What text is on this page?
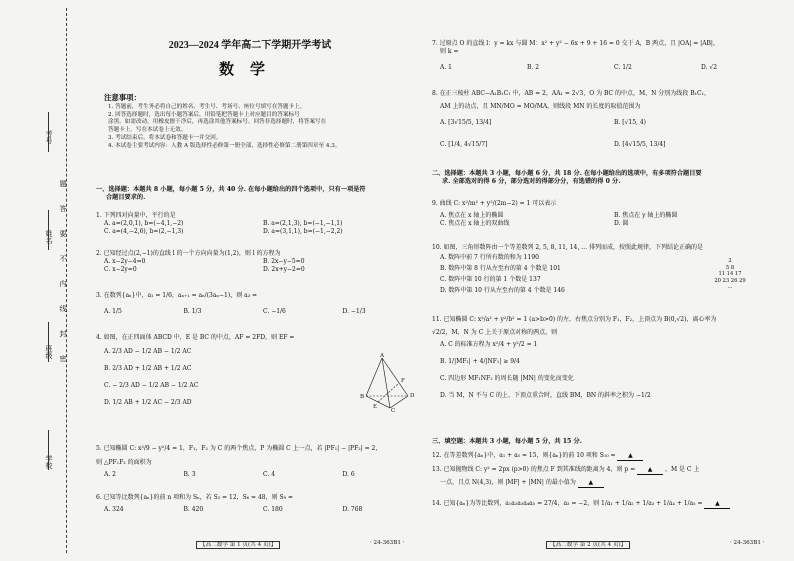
考号
姓名
班级
学校
题
答
要
不
内
线
封
密
2023—2024 学年高二下学期开学考试
数学
注意事项：
1. 答题前，考生务必将自己的姓名、考生号、考场号、座位号填写在答题卡上。
2. 回答选择题时，选出每小题答案后，用铅笔把答题卡上对应题目的答案标号
涂黑。如需改动，用橡皮擦干净后，再选涂其他答案标号。回答非选择题时，将答案写在
答题卡上。写在本试卷上无效。
3. 考试结束后，将本试卷和答题卡一并交回。
4. 本试卷主要考试内容：人教 A 版选择性必修第一册全部，选择性必修第二册第四章至 4.3。
一、选择题：本题共 8 小题，每小题 5 分，共 40 分. 在每小题给出的四个选项中，只有一项是符
合题目要求的.
1. 下列四对向量中，平行的是
A. a=(2,0,1), b=(−4,1,−2)	B. a=(2,1,3), b=(−1,−1,1)
C. a=(4,−2,6), b=(2,−1,3)	D. a=(3,1,1), b=(−1,−2,2)
2. 已知经过点(2,−1)的直线 l 的一个方向向量为(1,2)，则 l 的方程为
A. x−2y−4=0	B. 2x−y−5=0
C. x−2y=0	D. 2x+y−2=0
3. 在数列{aₙ}中，a₁ = 1/6，aₙ₊₁ = aₙ/(3aₙ−1)，则 a₃ =
A. 1/5	B. 1/3	C. −1/6	D. −1/3
4. 如图，在正四面体 ABCD 中，E 是 BC 的中点，AF = 2FD，则 EF =
A. 2/3 AD − 1/2 AB − 1/2 AC
B. 2/3 AD + 1/2 AB + 1/2 AC
C. − 2/3 AD − 1/2 AB − 1/2 AC
D. 1/2 AB + 1/2 AC − 2/3 AD
A
F
D
B
E
C
5. 已知椭圆 C: x²/9 − y²/4 = 1，F₁，F₂ 为 C 的两个焦点，P 为椭圆 C 上一点，若 |PF₁| − |PF₂| = 2，
则 △PF₁F₂ 的面积为
A. 2	B. 3	C. 4	D. 6
6. 已知等比数列{aₙ}的前 n 项和为 Sₙ，若 S₃ = 12，S₆ = 48，则 S₉ =
A. 324	B. 420	C. 180	D. 768
【高二数学 第 1 页(共 4 页)】	· 24-363B1 ·
7. 过原点 O 的直线 l：y = kx 与圆 M：x² + y² − 6x + 9 + 16 = 0 交于 A，B 两点，且 |OA| = |AB|，
则 k =
A. 1	B. 2	C. 1/2	D. √2
8. 在正三棱柱 ABC−A₁B₁C₁ 中，AB = 2，AA₁ = 2√3，O 为 BC 的中点，M，N 分别为线段 B₁C₁，
AM 上的动点，且 MN/MO = MO/MA，则线段 MN 的长度的取值范围为
A. [3√15/5, 13/4]	B. [√15, 4)
C. [1/4, 4√15/7]	D. [4√15/5, 13/4]
二、选择题：本题共 3 小题，每小题 6 分，共 18 分. 在每小题给出的选项中，有多项符合题目要
求. 全部选对的得 6 分，部分选对的得部分分，有选错的得 0 分.
9. 曲线 C: x²/m² + y²/(2m−2) = 1 可以表示
A. 焦点在 x 轴上的椭圆	B. 焦点在 y 轴上的椭圆
C. 焦点在 x 轴上的双曲线	D. 圆
10. 如图，三角形数阵由一个等差数列 2, 5, 8, 11, 14, … 排列而成，按照此规律，下列结论正确的是
A. 数阵中前 7 行所有数的和为 1190
B. 数阵中第 8 行从左至右的第 4 个数是 101
C. 数阵中第 10 行的第 1 个数是 137
D. 数阵中第 10 行从左至右的第 4 个数是 146
2
5 8
11 14 17
20 23 26 29
…
11. 已知椭圆 C: x²/a² + y²/b² = 1 (a>b>0) 的左、右焦点分别为 F₁，F₂，上顶点为 B(0,√2)，离心率为
√2/2，M，N 为 C 上关于原点对称的两点，则
A. C 的标准方程为 x²/4 + y²/2 = 1
B. 1/|MF₁| + 4/|NF₁| ≥ 9/4
C. 四边形 MF₁NF₂ 的周长随 |MN| 的变化而变化
D. 当 M，N 不与 C 的上、下顶点重合时，直线 BM，BN 的斜率之积为 −1/2
三、填空题：本题共 3 小题，每小题 5 分，共 15 分.
12. 在等差数列{aₙ}中，a₁ + a₅ = 15，则{aₙ}的前 10 项和 S₁₀ = ▲
13. 已知抛物线 C: y² = 2px (p>0) 的焦点 F 到其准线的距离为 4，则 p = ▲ ，M 是 C 上
一点，且点 N(4,3)，则 |MF| + |MN| 的最小值为 ▲
14. 已知{aₙ}为等比数列，a₁a₂a₃a₄a₅ = 27/4，a₃ = −2，则 1/a₁ + 1/a₂ + 1/a₃ + 1/a₄ + 1/a₅ = ▲
【高二数学 第 2 页(共 4 页)】	· 24-363B1 ·
